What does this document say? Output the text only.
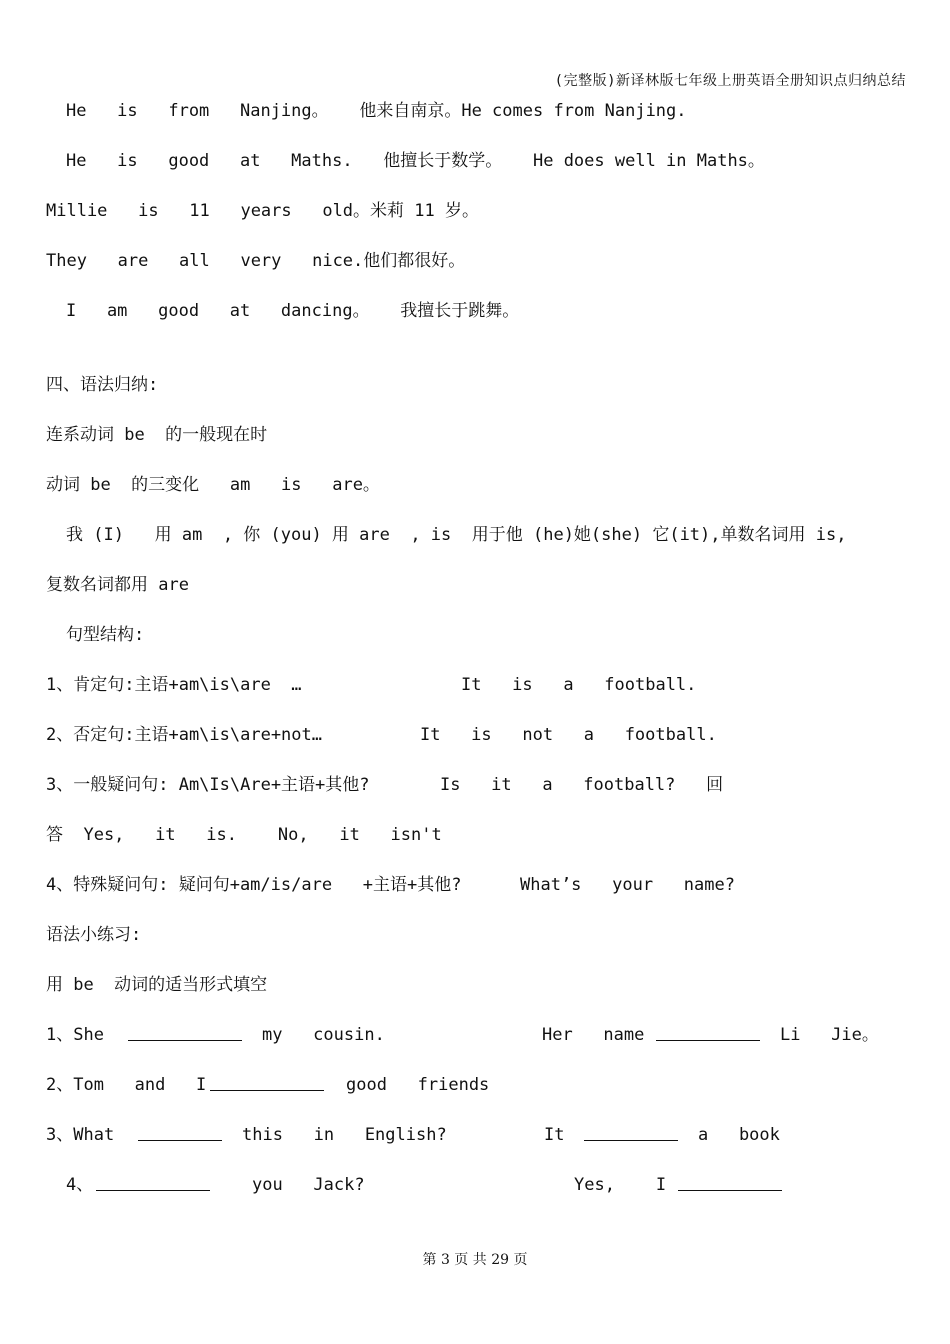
(完整版)新译林版七年级上册英语全册知识点归纳总结
He   is   from   Nanjing。   他来自南京。He comes from Nanjing.
He   is   good   at   Maths.   他擅长于数学。   He does well in Maths。
Millie   is   11   years   old。米莉 11 岁。
They   are   all   very   nice.他们都很好。
I   am   good   at   dancing。   我擅长于跳舞。
四、语法归纳:
连系动词 be  的一般现在时
动词 be  的三变化   am   is   are。
我 (I)   用 am  , 你 (you) 用 are  , is  用于他 (he)她(she) 它(it),单数名词用 is,
复数名词都用 are
句型结构:

1、肯定句:主语+am\is\are  …

	It   is   a   football.

2、否定句:主语+am\is\are+not…

	It   is   not   a   football.

3、一般疑问句: Am\Is\Are+主语+其他?

	Is   it   a   football?   回

答  Yes,   it   is.    No,   it   isn't

4、特殊疑问句: 疑问句+am/is/are   +主语+其他?

	What’s   your   name?

语法小练习:
用 be  动词的适当形式填空

1、She

	my   cousin.

	Her   name

	Li   Jie。

2、Tom   and   I

	good   friends

3、What

	this   in   English?

	It

	a   book

4、

	you   Jack?

	Yes,    I

第 3 页 共 29 页
